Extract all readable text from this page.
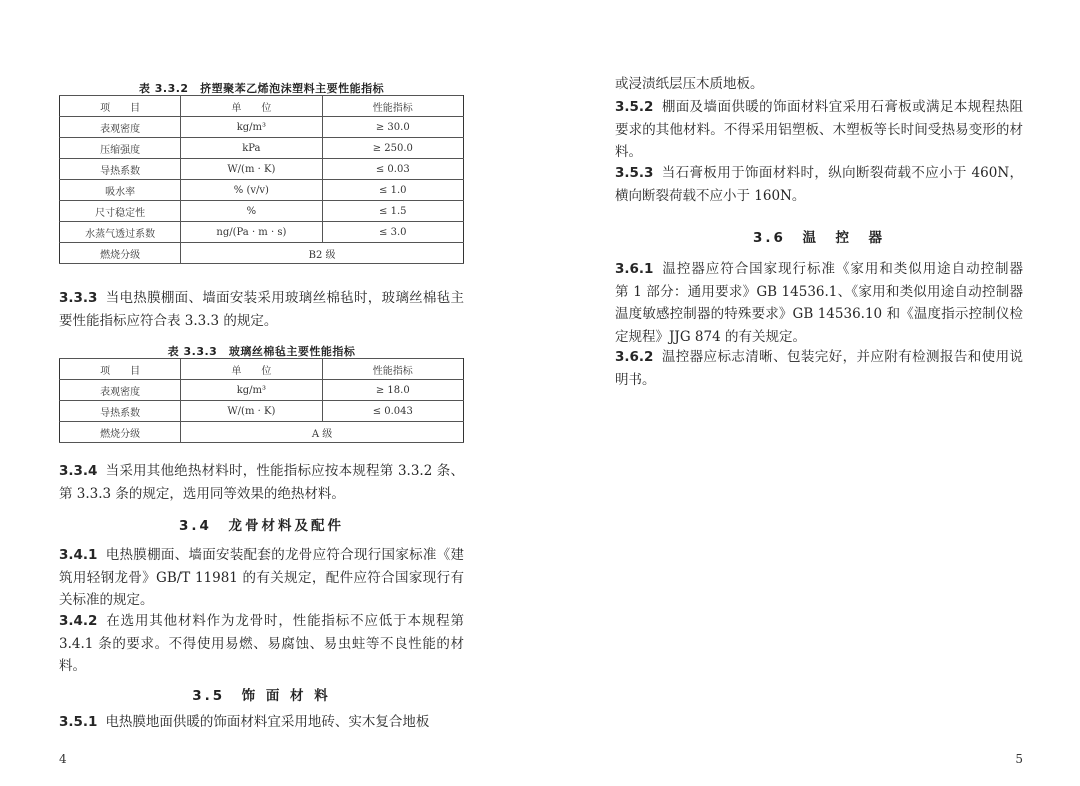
表 3.3.2　挤塑聚苯乙烯泡沫塑料主要性能指标
项　　目	单　　位	性能指标
表观密度	kg/m³	≥ 30.0
压缩强度	kPa	≥ 250.0
导热系数	W/(m · K)	≤ 0.03
吸水率	% (v/v)	≤ 1.0
尺寸稳定性	%	≤ 1.5
水蒸气透过系数	ng/(Pa · m · s)	≤ 3.0
燃烧分级	B2 级	
3.3.3 当电热膜棚面、墙面安装采用玻璃丝棉毡时，玻璃丝棉毡主要性能指标应符合表 3.3.3 的规定。
表 3.3.3　玻璃丝棉毡主要性能指标
项　　目	单　　位	性能指标
表观密度	kg/m³	≥ 18.0
导热系数	W/(m · K)	≤ 0.043
燃烧分级	A 级	
3.3.4 当采用其他绝热材料时，性能指标应按本规程第 3.3.2 条、第 3.3.3 条的规定，选用同等效果的绝热材料。
3.4　龙骨材料及配件
3.4.1 电热膜棚面、墙面安装配套的龙骨应符合现行国家标准《建筑用轻钢龙骨》GB/T 11981 的有关规定，配件应符合国家现行有关标准的规定。
3.4.2 在选用其他材料作为龙骨时，性能指标不应低于本规程第 3.4.1 条的要求。不得使用易燃、易腐蚀、易虫蛀等不良性能的材料。
3.5　饰 面 材 料
3.5.1 电热膜地面供暖的饰面材料宜采用地砖、实木复合地板
4
或浸渍纸层压木质地板。
3.5.2 棚面及墙面供暖的饰面材料宜采用石膏板或满足本规程热阻要求的其他材料。不得采用铝塑板、木塑板等长时间受热易变形的材料。
3.5.3 当石膏板用于饰面材料时，纵向断裂荷载不应小于 460N，横向断裂荷载不应小于 160N。
3.6　温　控　器
3.6.1 温控器应符合国家现行标准《家用和类似用途自动控制器　第 1 部分：通用要求》GB 14536.1、《家用和类似用途自动控制器温度敏感控制器的特殊要求》GB 14536.10 和《温度指示控制仪检定规程》JJG 874 的有关规定。
3.6.2 温控器应标志清晰、包装完好，并应附有检测报告和使用说明书。
5
